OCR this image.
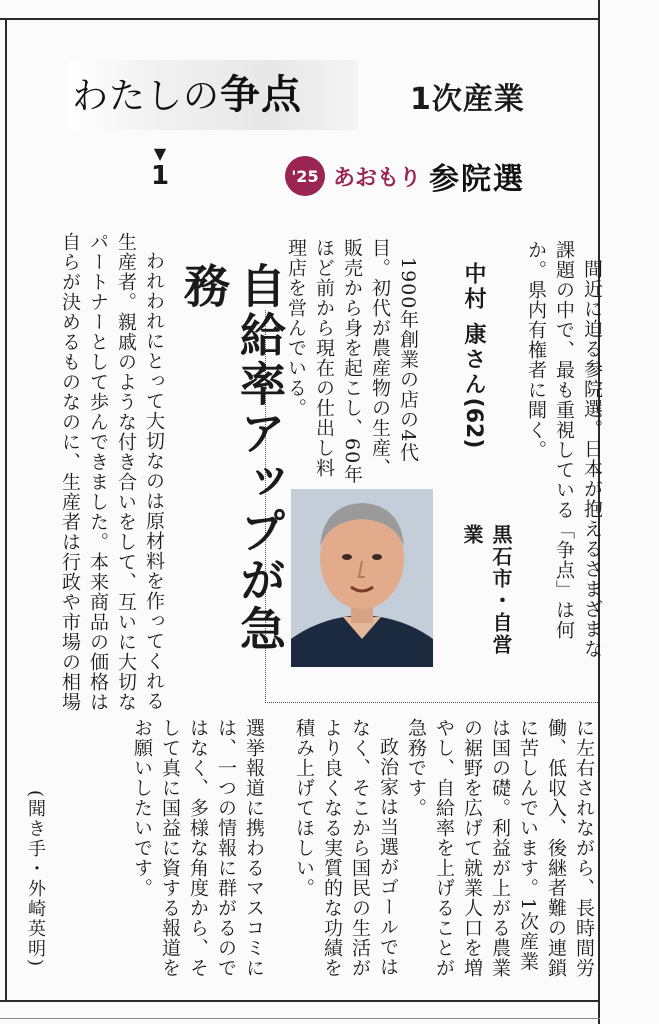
わたしの争点	1次産業
▼
1	'25 あおもり 参院選

間近に迫る参院選。日本が抱えるさまざまな課題の中で、最も重視している「争点」は何か。県内有権者に聞く。

中村 康さん(62)
黒石市・自営業

1900年創業の店の4代目。初代が農産物の生産、販売から身を起こし、60年ほど前から現在の仕出し料理店を営んでいる。

自給率アップが急務

われわれにとって大切なのは原材料を作ってくれる生産者。親戚のような付き合いをして、互いに大切なパートナーとして歩んできました。本来商品の価格は自らが決めるものなのに、生産者は行政や市場の相場

に左右されながら、長時間労働、低収入、後継者難の連鎖に苦しんでいます。1次産業は国の礎。利益が上がる農業の裾野を広げて就業人口を増やし、自給率を上げることが急務です。

政治家は当選がゴールではなく、そこから国民の生活がより良くなる実質的な功績を積み上げてほしい。

選挙報道に携わるマスコミには、一つの情報に群がるのではなく、多様な角度から、そして真に国益に資する報道をお願いしたいです。

(聞き手・外崎英明)
